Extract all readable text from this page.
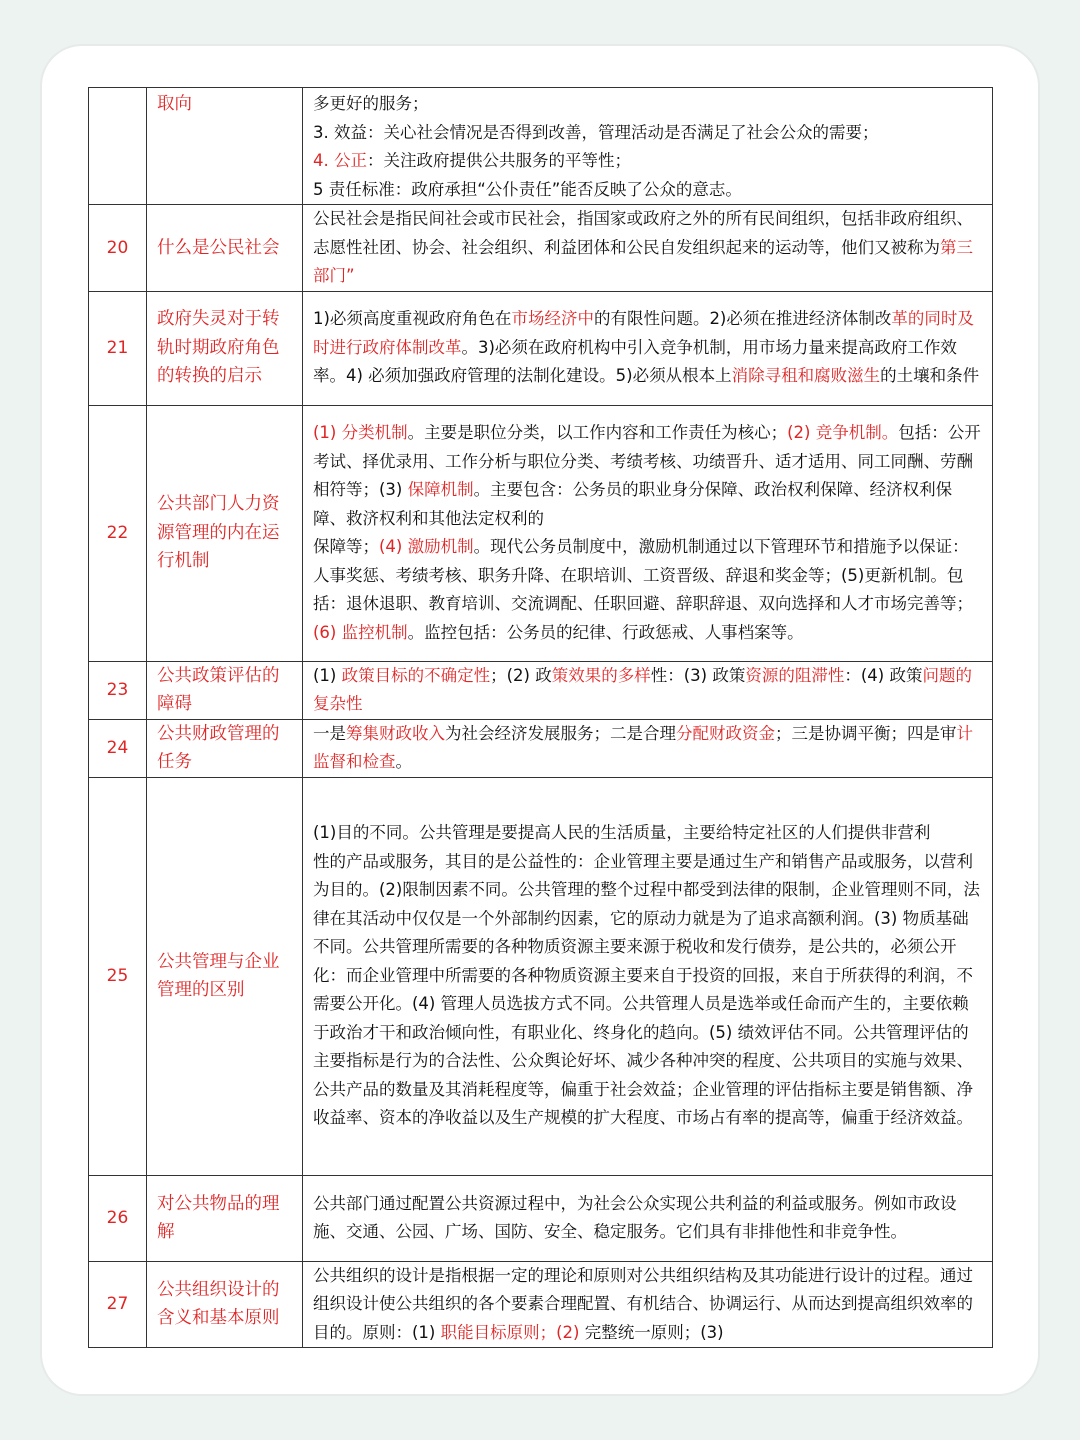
	取向	多更好的服务；
3. 效益：关心社会情况是否得到改善，管理活动是否满足了社会公众的需要；
4. 公正：关注政府提供公共服务的平等性；
5 责任标准：政府承担“公仆责任”能否反映了公众的意志。

20	什么是公民社会	公民社会是指民间社会或市民社会，指国家或政府之外的所有民间组织，包括非政府组织、志愿性社团、协会、社会组织、利益团体和公民自发组织起来的运动等，他们又被称为第三部门”

21	政府失灵对于转轨时期政府角色的转换的启示	1)必须高度重视政府角色在市场经济中的有限性问题。2)必须在推进经济体制改革的同时及时进行政府体制改革。3)必须在政府机构中引入竞争机制，用市场力量来提高政府工作效率。4) 必须加强政府管理的法制化建设。5)必须从根本上消除寻租和腐败滋生的土壤和条件

22	公共部门人力资源管理的内在运行机制	(1) 分类机制。主要是职位分类，以工作内容和工作责任为核心；(2) 竞争机制。包括：公开考试、择优录用、工作分析与职位分类、考绩考核、功绩晋升、适才适用、同工同酬、劳酬相符等；(3) 保障机制。主要包含：公务员的职业身分保障、政治权利保障、经济权利保障、救济权利和其他法定权利的
保障等；(4) 激励机制。现代公务员制度中，激励机制通过以下管理环节和措施予以保证：人事奖惩、考绩考核、职务升降、在职培训、工资晋级、辞退和奖金等；(5)更新机制。包括：退休退职、教育培训、交流调配、任职回避、辞职辞退、双向选择和人才市场完善等；(6) 监控机制。监控包括：公务员的纪律、行政惩戒、人事档案等。

23	公共政策评估的障碍	(1) 政策目标的不确定性；(2) 政策效果的多样性：(3) 政策资源的阻滞性：(4) 政策问题的复杂性

24	公共财政管理的任务	一是筹集财政收入为社会经济发展服务；二是合理分配财政资金；三是协调平衡；四是审计监督和检查。

25	公共管理与企业管理的区别	(1)目的不同。公共管理是要提高人民的生活质量，主要给特定社区的人们提供非营利
性的产品或服务，其目的是公益性的：企业管理主要是通过生产和销售产品或服务，以营利为目的。(2)限制因素不同。公共管理的整个过程中都受到法律的限制，企业管理则不同，法律在其活动中仅仅是一个外部制约因素，它的原动力就是为了追求高额利润。(3) 物质基础不同。公共管理所需要的各种物质资源主要来源于税收和发行债券，是公共的，必须公开化：而企业管理中所需要的各种物质资源主要来自于投资的回报，来自于所获得的利润，不需要公开化。(4) 管理人员选拔方式不同。公共管理人员是选举或任命而产生的，主要依赖于政治才干和政治倾向性，有职业化、终身化的趋向。(5) 绩效评估不同。公共管理评估的主要指标是行为的合法性、公众舆论好坏、减少各种冲突的程度、公共项目的实施与效果、公共产品的数量及其消耗程度等，偏重于社会效益；企业管理的评估指标主要是销售额、净收益率、资本的净收益以及生产规模的扩大程度、市场占有率的提高等，偏重于经济效益。

26	对公共物品的理解	公共部门通过配置公共资源过程中，为社会公众实现公共利益的利益或服务。例如市政设施、交通、公园、广场、国防、安全、稳定服务。它们具有非排他性和非竞争性。

27	公共组织设计的含义和基本原则	公共组织的设计是指根据一定的理论和原则对公共组织结构及其功能进行设计的过程。通过组织设计使公共组织的各个要素合理配置、有机结合、协调运行、从而达到提高组织效率的目的。原则：(1) 职能目标原则；(2) 完整统一原则；(3)
